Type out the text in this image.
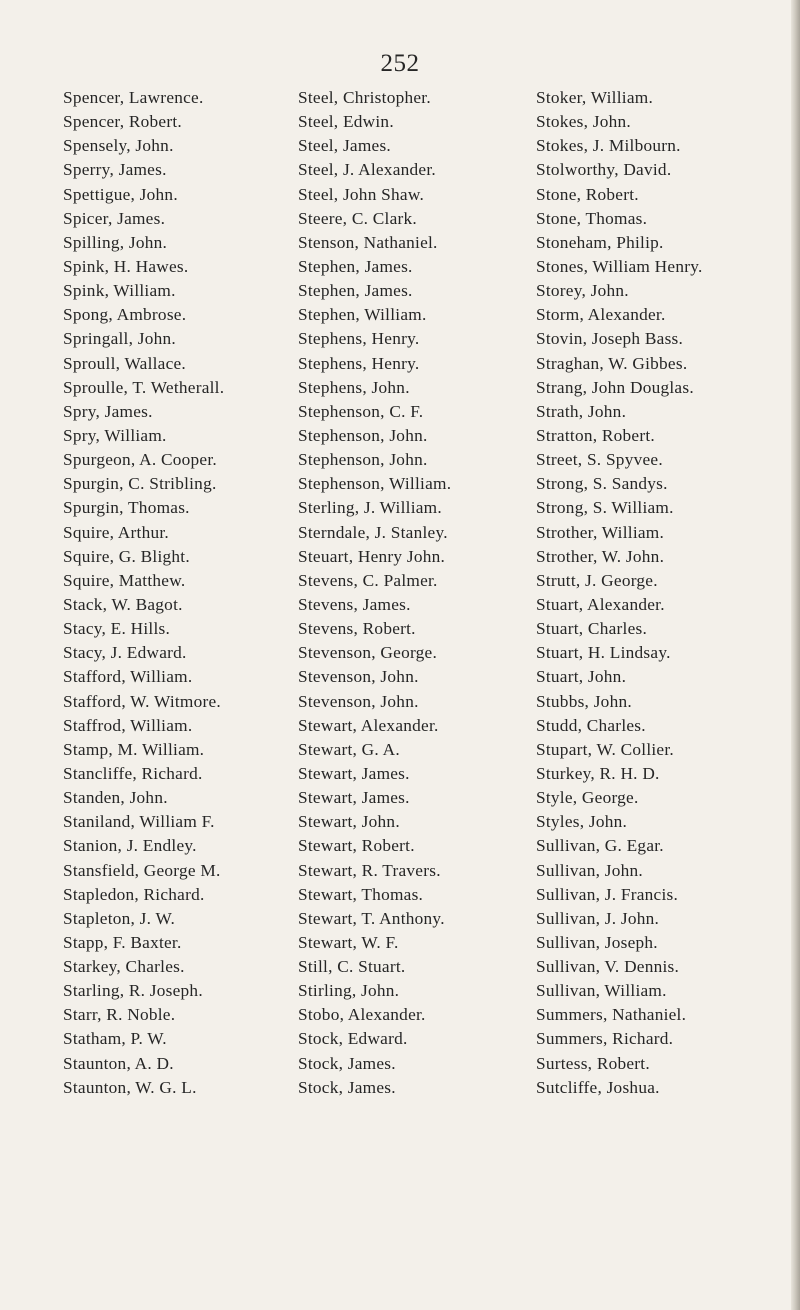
252
Spencer, Lawrence.
Spencer, Robert.
Spensely, John.
Sperry, James.
Spettigue, John.
Spicer, James.
Spilling, John.
Spink, H. Hawes.
Spink, William.
Spong, Ambrose.
Springall, John.
Sproull, Wallace.
Sproulle, T. Wetherall.
Spry, James.
Spry, William.
Spurgeon, A. Cooper.
Spurgin, C. Stribling.
Spurgin, Thomas.
Squire, Arthur.
Squire, G. Blight.
Squire, Matthew.
Stack, W. Bagot.
Stacy, E. Hills.
Stacy, J. Edward.
Stafford, William.
Stafford, W. Witmore.
Staffrod, William.
Stamp, M. William.
Stancliffe, Richard.
Standen, John.
Staniland, William F.
Stanion, J. Endley.
Stansfield, George M.
Stapledon, Richard.
Stapleton, J. W.
Stapp, F. Baxter.
Starkey, Charles.
Starling, R. Joseph.
Starr, R. Noble.
Statham, P. W.
Staunton, A. D.
Staunton, W. G. L.
Steel, Christopher.
Steel, Edwin.
Steel, James.
Steel, J. Alexander.
Steel, John Shaw.
Steere, C. Clark.
Stenson, Nathaniel.
Stephen, James.
Stephen, James.
Stephen, William.
Stephens, Henry.
Stephens, Henry.
Stephens, John.
Stephenson, C. F.
Stephenson, John.
Stephenson, John.
Stephenson, William.
Sterling, J. William.
Sterndale, J. Stanley.
Steuart, Henry John.
Stevens, C. Palmer.
Stevens, James.
Stevens, Robert.
Stevenson, George.
Stevenson, John.
Stevenson, John.
Stewart, Alexander.
Stewart, G. A.
Stewart, James.
Stewart, James.
Stewart, John.
Stewart, Robert.
Stewart, R. Travers.
Stewart, Thomas.
Stewart, T. Anthony.
Stewart, W. F.
Still, C. Stuart.
Stirling, John.
Stobo, Alexander.
Stock, Edward.
Stock, James.
Stock, James.
Stoker, William.
Stokes, John.
Stokes, J. Milbourn.
Stolworthy, David.
Stone, Robert.
Stone, Thomas.
Stoneham, Philip.
Stones, William Henry.
Storey, John.
Storm, Alexander.
Stovin, Joseph Bass.
Straghan, W. Gibbes.
Strang, John Douglas.
Strath, John.
Stratton, Robert.
Street, S. Spyvee.
Strong, S. Sandys.
Strong, S. William.
Strother, William.
Strother, W. John.
Strutt, J. George.
Stuart, Alexander.
Stuart, Charles.
Stuart, H. Lindsay.
Stuart, John.
Stubbs, John.
Studd, Charles.
Stupart, W. Collier.
Sturkey, R. H. D.
Style, George.
Styles, John.
Sullivan, G. Egar.
Sullivan, John.
Sullivan, J. Francis.
Sullivan, J. John.
Sullivan, Joseph.
Sullivan, V. Dennis.
Sullivan, William.
Summers, Nathaniel.
Summers, Richard.
Surtess, Robert.
Sutcliffe, Joshua.
